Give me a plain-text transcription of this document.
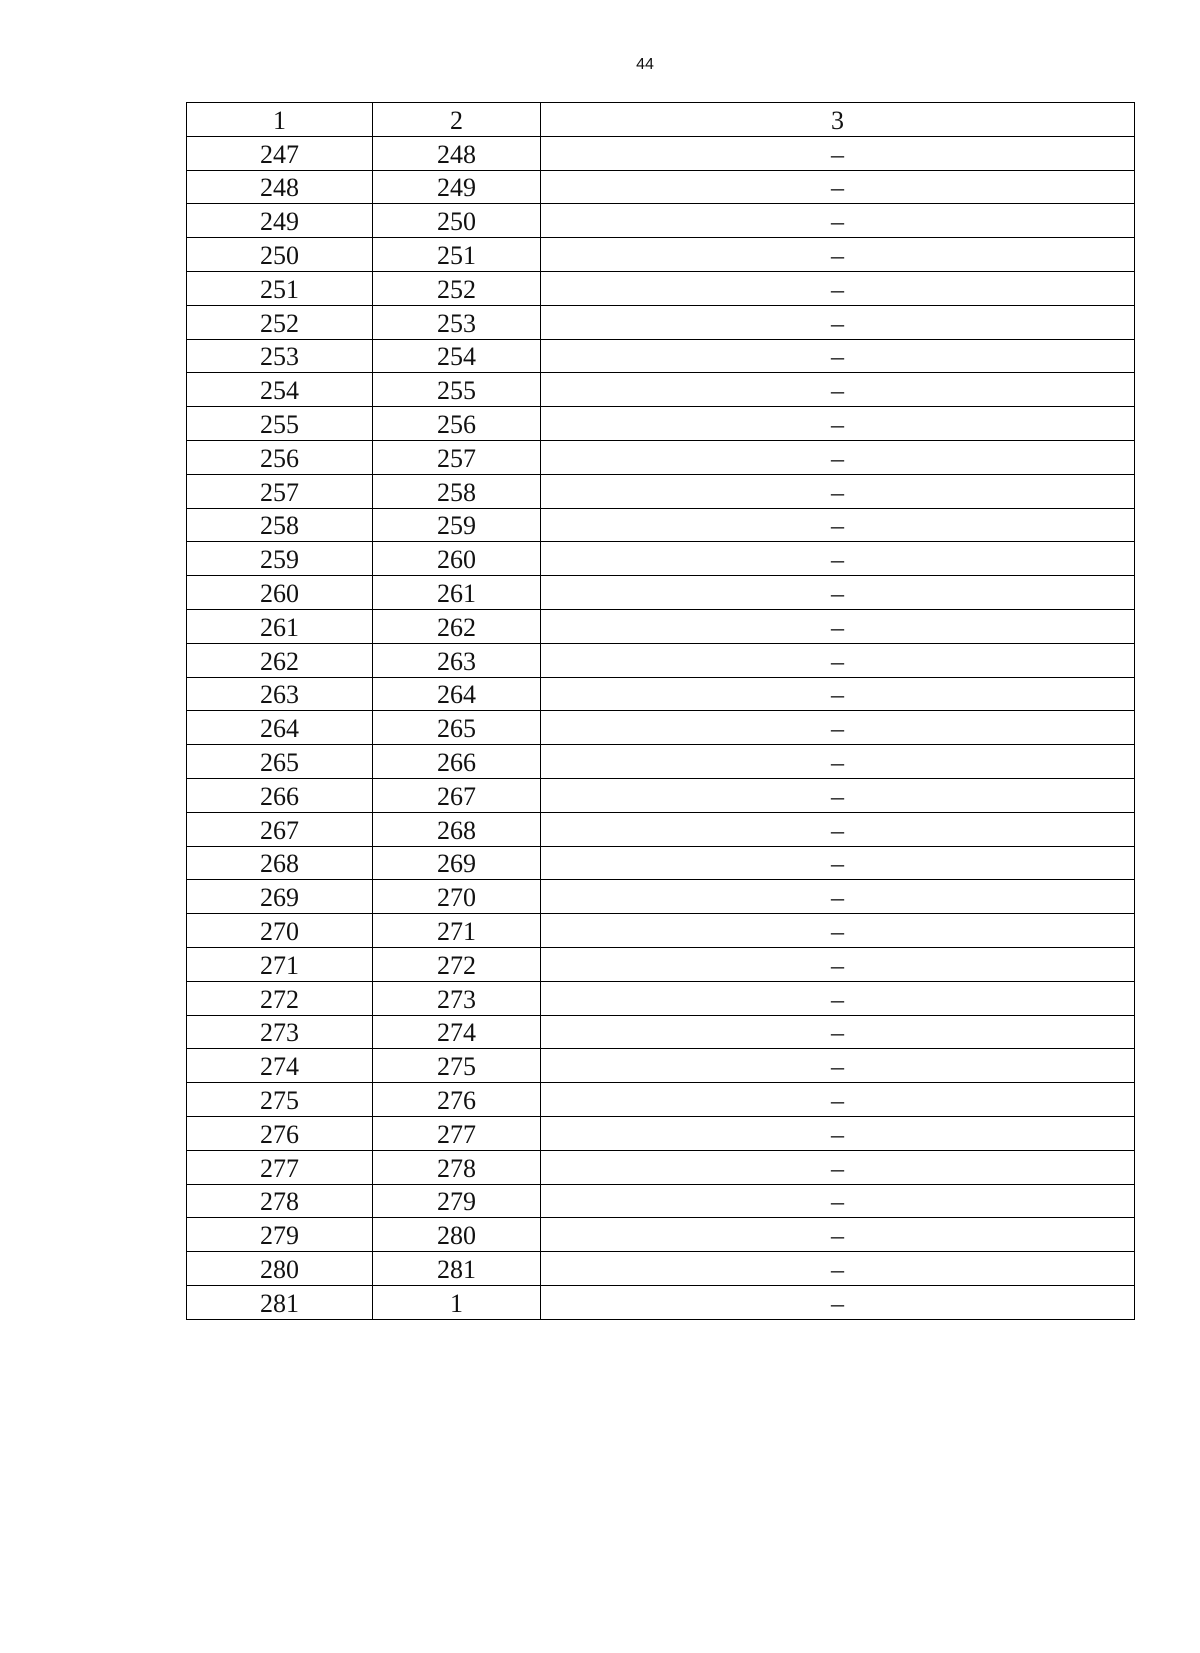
44
1	2	3
247	248	–
248	249	–
249	250	–
250	251	–
251	252	–
252	253	–
253	254	–
254	255	–
255	256	–
256	257	–
257	258	–
258	259	–
259	260	–
260	261	–
261	262	–
262	263	–
263	264	–
264	265	–
265	266	–
266	267	–
267	268	–
268	269	–
269	270	–
270	271	–
271	272	–
272	273	–
273	274	–
274	275	–
275	276	–
276	277	–
277	278	–
278	279	–
279	280	–
280	281	–
281	1	–
